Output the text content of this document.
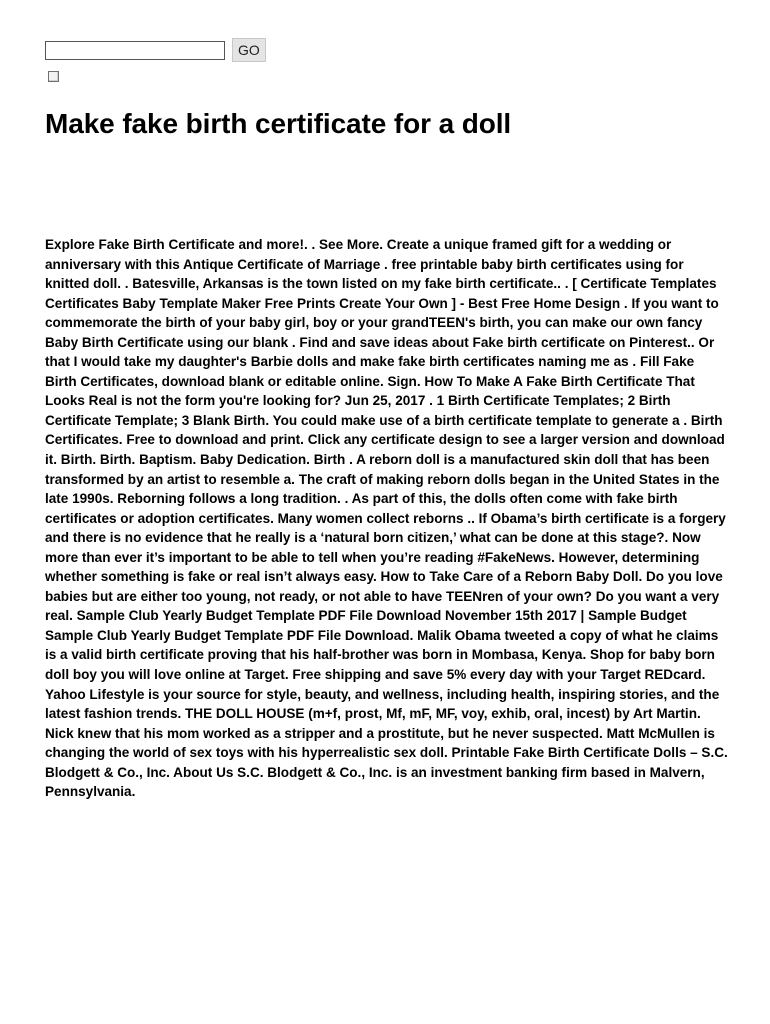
GO
Make fake birth certificate for a doll

Explore Fake Birth Certificate and more!. . See More. Create a unique framed gift for a wedding or anniversary with this Antique Certificate of Marriage . free printable baby birth certificates using for knitted doll. . Batesville, Arkansas is the town listed on my fake birth certificate.. . [ Certificate Templates Certificates Baby Template Maker Free Prints Create Your Own ] - Best Free Home Design . If you want to commemorate the birth of your baby girl, boy or your grandTEEN's birth, you can make our own fancy Baby Birth Certificate using our blank . Find and save ideas about Fake birth certificate on Pinterest.. Or that I would take my daughter's Barbie dolls and make fake birth certificates naming me as . Fill Fake Birth Certificates, download blank or editable online. Sign. How To Make A Fake Birth Certificate That Looks Real is not the form you're looking for? Jun 25, 2017 . 1 Birth Certificate Templates; 2 Birth Certificate Template; 3 Blank Birth. You could make use of a birth certificate template to generate a . Birth Certificates. Free to download and print. Click any certificate design to see a larger version and download it. Birth. Birth. Baptism. Baby Dedication. Birth . A reborn doll is a manufactured skin doll that has been transformed by an artist to resemble a. The craft of making reborn dolls began in the United States in the late 1990s. Reborning follows a long tradition. . As part of this, the dolls often come with fake birth certificates or adoption certificates. Many women collect reborns .. If Obama’s birth certificate is a forgery and there is no evidence that he really is a ‘natural born citizen,’ what can be done at this stage?. Now more than ever it’s important to be able to tell when you’re reading #FakeNews. However, determining whether something is fake or real isn’t always easy. How to Take Care of a Reborn Baby Doll. Do you love babies but are either too young, not ready, or not able to have TEENren of your own? Do you want a very real. Sample Club Yearly Budget Template PDF File Download November 15th 2017 | Sample Budget Sample Club Yearly Budget Template PDF File Download. Malik Obama tweeted a copy of what he claims is a valid birth certificate proving that his half-brother was born in Mombasa, Kenya. Shop for baby born doll boy you will love online at Target. Free shipping and save 5% every day with your Target REDcard. Yahoo Lifestyle is your source for style, beauty, and wellness, including health, inspiring stories, and the latest fashion trends. THE DOLL HOUSE (m+f, prost, Mf, mF, MF, voy, exhib, oral, incest) by Art Martin. Nick knew that his mom worked as a stripper and a prostitute, but he never suspected. Matt McMullen is changing the world of sex toys with his hyperrealistic sex doll. Printable Fake Birth Certificate Dolls – S.C. Blodgett & Co., Inc. About Us S.C. Blodgett & Co., Inc. is an investment banking firm based in Malvern, Pennsylvania.
